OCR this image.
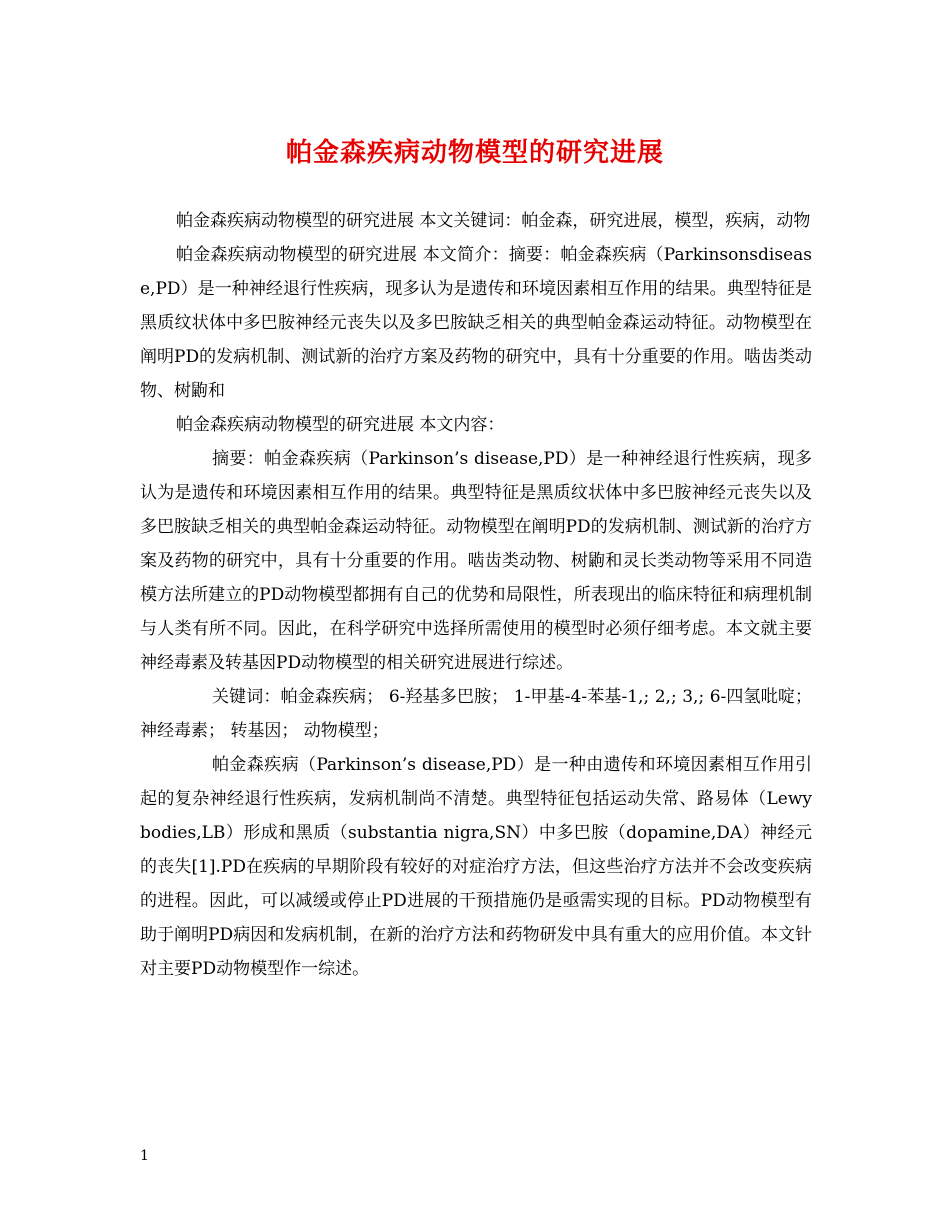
帕金森疾病动物模型的研究进展

帕金森疾病动物模型的研究进展 本文关键词：帕金森，研究进展，模型，疾病，动物

帕金森疾病动物模型的研究进展 本文简介：摘要：帕金森疾病（Parkinsonsdisease,PD）是一种神经退行性疾病，现多认为是遗传和环境因素相互作用的结果。典型特征是黑质纹状体中多巴胺神经元丧失以及多巴胺缺乏相关的典型帕金森运动特征。动物模型在阐明PD的发病机制、测试新的治疗方案及药物的研究中，具有十分重要的作用。啮齿类动物、树鼩和

帕金森疾病动物模型的研究进展 本文内容：

摘要：帕金森疾病（Parkinson’s disease,PD）是一种神经退行性疾病，现多认为是遗传和环境因素相互作用的结果。典型特征是黑质纹状体中多巴胺神经元丧失以及多巴胺缺乏相关的典型帕金森运动特征。动物模型在阐明PD的发病机制、测试新的治疗方案及药物的研究中，具有十分重要的作用。啮齿类动物、树鼩和灵长类动物等采用不同造模方法所建立的PD动物模型都拥有自己的优势和局限性，所表现出的临床特征和病理机制与人类有所不同。因此，在科学研究中选择所需使用的模型时必须仔细考虑。本文就主要神经毒素及转基因PD动物模型的相关研究进展进行综述。

关键词：帕金森疾病； 6-羟基多巴胺； 1-甲基-4-苯基-1,; 2,; 3,; 6-四氢吡啶； 神经毒素； 转基因； 动物模型；

帕金森疾病（Parkinson’s disease,PD）是一种由遗传和环境因素相互作用引起的复杂神经退行性疾病，发病机制尚不清楚。典型特征包括运动失常、路易体（Lewy bodies,LB）形成和黑质（substantia nigra,SN）中多巴胺（dopamine,DA）神经元的丧失[1].PD在疾病的早期阶段有较好的对症治疗方法，但这些治疗方法并不会改变疾病的进程。因此，可以减缓或停止PD进展的干预措施仍是亟需实现的目标。PD动物模型有助于阐明PD病因和发病机制，在新的治疗方法和药物研发中具有重大的应用价值。本文针对主要PD动物模型作一综述。

1
